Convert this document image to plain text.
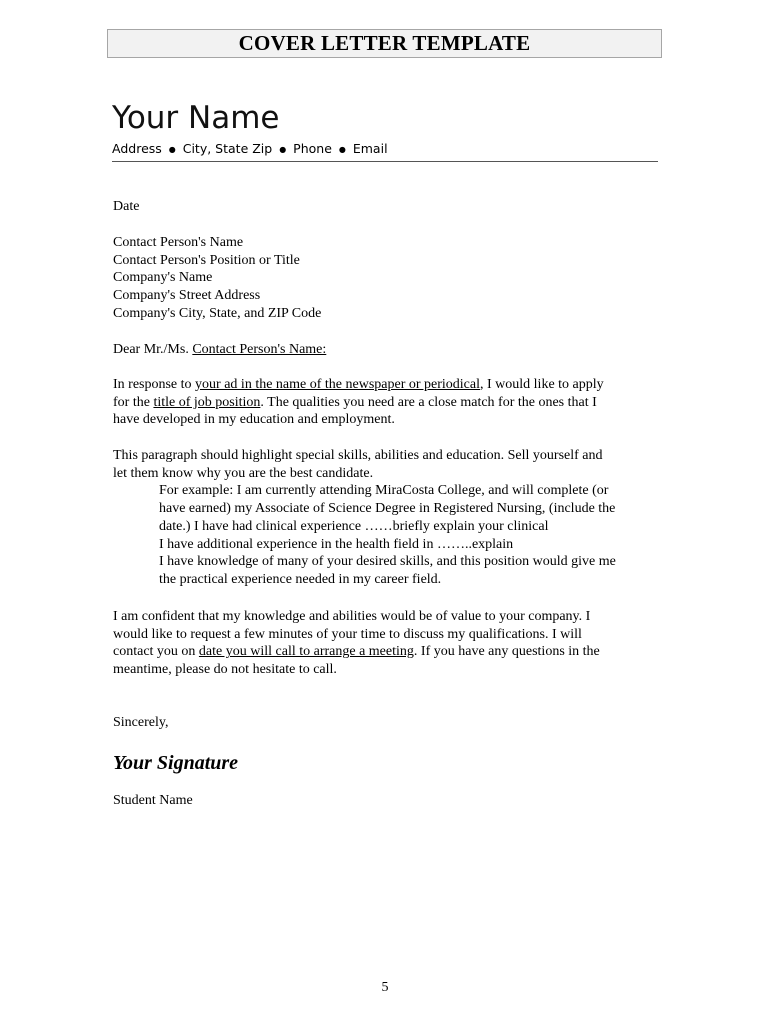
COVER LETTER TEMPLATE
Your Name
Address ● City, State Zip ● Phone ● Email
Date
Contact Person's Name
Contact Person's Position or Title
Company's Name
Company's Street Address
Company's City, State, and ZIP Code
Dear Mr./Ms. Contact Person's Name:
In response to your ad in the name of the newspaper or periodical, I would like to apply
for the title of job position. The qualities you need are a close match for the ones that I
have developed in my education and employment.
This paragraph should highlight special skills, abilities and education. Sell yourself and
let them know why you are the best candidate.
For example: I am currently attending MiraCosta College, and will complete (or
have earned) my Associate of Science Degree in Registered Nursing, (include the
date.) I have had clinical experience ……briefly explain your clinical
I have additional experience in the health field in ……..explain
I have knowledge of many of your desired skills, and this position would give me
the practical experience needed in my career field.
I am confident that my knowledge and abilities would be of value to your company. I
would like to request a few minutes of your time to discuss my qualifications. I will
contact you on date you will call to arrange a meeting. If you have any questions in the
meantime, please do not hesitate to call.
Sincerely,
Your Signature
Student Name
5
